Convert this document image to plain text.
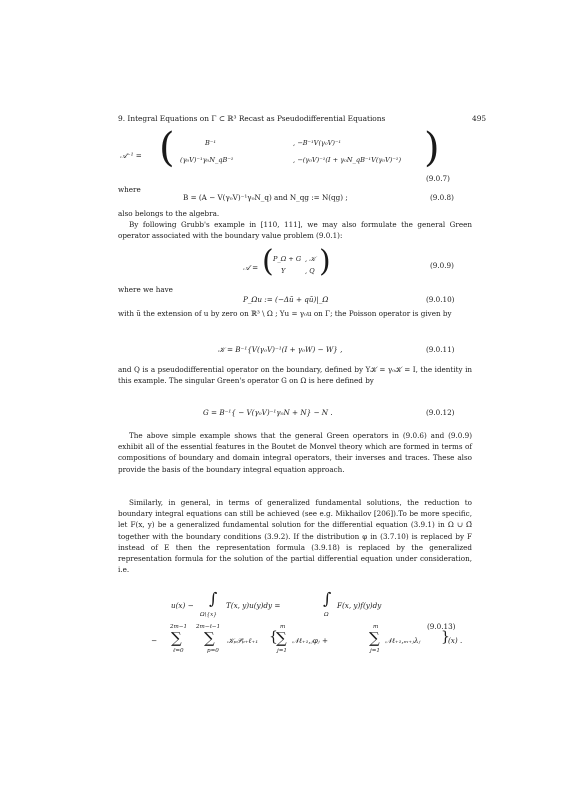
9. Integral Equations on Γ ⊂ ℝ³ Recast as Pseudodifferential Equations	495
𝒜⁻¹ = (	B⁻¹	, −B⁻¹V(γ₀V)⁻¹
(γ₀V)⁻¹γ₀N_qB⁻¹	, −(γ₀V)⁻¹(I + γ₀N_qB⁻¹V(γ₀V)⁻¹) )
(9.0.7)
where
B = (A − V(γ₀V)⁻¹γ₀N_q) and N_qg := N(qg) ;	(9.0.8)
also belongs to the algebra.
By following Grubb's example in [110, 111], we may also formulate the general Green operator associated with the boundary value problem (9.0.1):
𝒜 = ( P_Ω + G , 𝒦
Υ	, Q )	(9.0.9)
where we have
P_Ωu := (−Δũ + qũ)|_Ω	(9.0.10)
with ũ the extension of u by zero on ℝ³ \ Ω ; Υu = γ₀u on Γ; the Poisson operator is given by
𝒦 = B⁻¹{V(γ₀V)⁻¹(I + γ₀W) − W} ,	(9.0.11)
and Q is a pseudodifferential operator on the boundary, defined by Υ𝒦 = γ₀𝒦 = I, the identity in this example. The singular Green's operator G on Ω is here defined by
G = B⁻¹{ − V(γ₀V)⁻¹γ₀N + N} − N .	(9.0.12)
The above simple example shows that the general Green operators in (9.0.6) and (9.0.9) exhibit all of the essential features in the Boutet de Monvel theory which are formed in terms of compositions of boundary and domain integral operators, their inverses and traces. These also provide the basis of the boundary integral equation approach.
Similarly, in general, in terms of generalized fundamental solutions, the reduction to boundary integral equations can still be achieved (see e.g. Mikhailov [206]).To be more specific, let F(x, y) be a generalized fundamental solution for the differential equation (3.9.1) in Ω ∪ Ω̄ together with the boundary conditions (3.9.2). If the distribution φ in (3.7.10) is replaced by F instead of E then the representation formula (3.9.18) is replaced by the generalized representation formula for the solution of the partial differential equation under consideration, i.e.
u(x) − ∫
Ω\{x}
T(x, y)u(y)dy =	∫
Ω
F(x, y)f(y)dy
(9.0.13)
−
2m−1
∑
ℓ=0
2m−ℓ−1
∑
p=0
𝒦ₚ𝒫ₚ₊ℓ₊₁ {
m
∑
j=1
𝒩ℓ₊₁,ⱼφⱼ +
m
∑
j=1
𝒩ℓ₊₁,ₘ₊ⱼλⱼ }
(x) .
